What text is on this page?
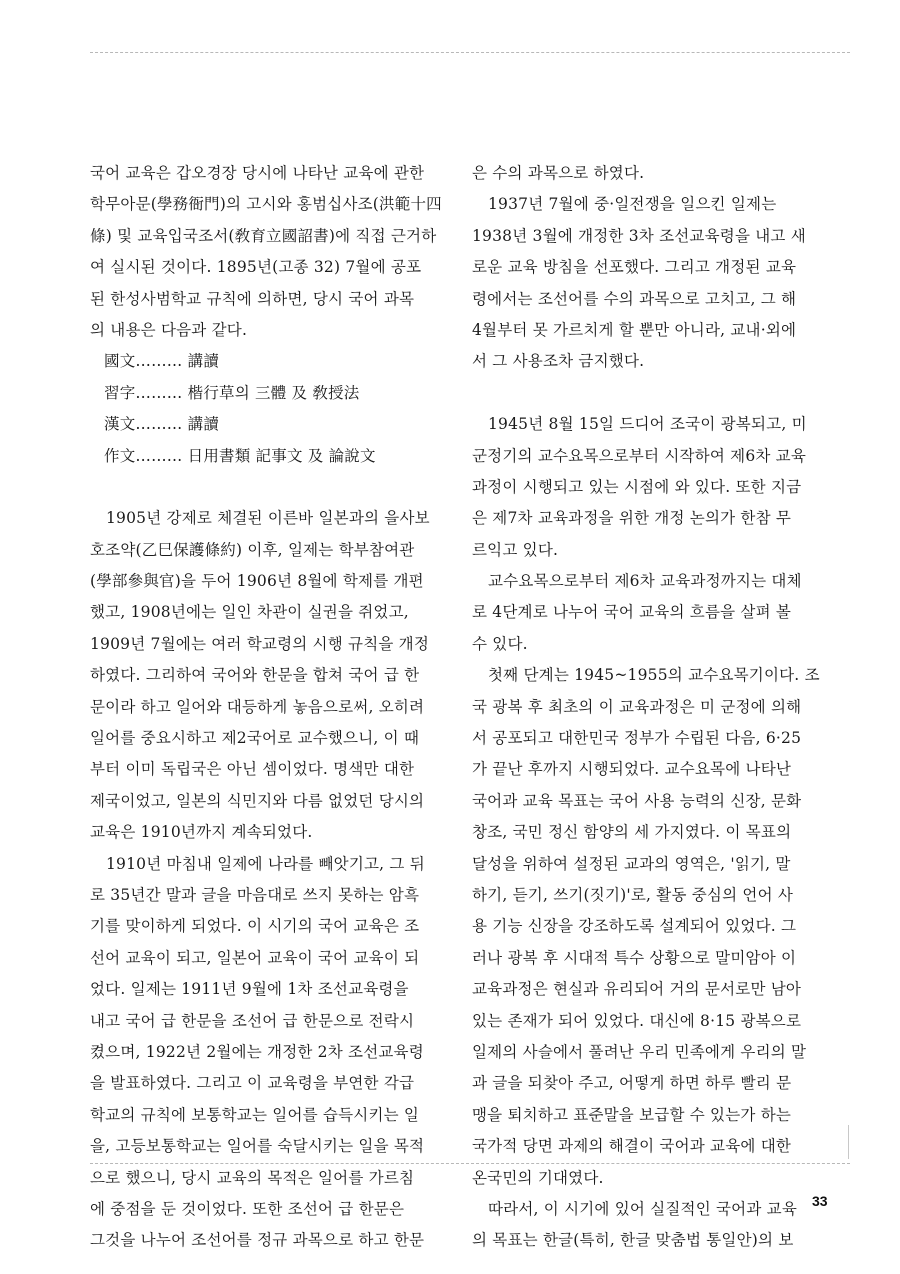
국어 교육은 갑오경장 당시에 나타난 교육에 관한
학무아문(學務衙門)의 고시와 홍범십사조(洪範十四
條) 및 교육입국조서(敎育立國詔書)에 직접 근거하
여 실시된 것이다. 1895년(고종 32) 7월에 공포
된 한성사범학교 규칙에 의하면, 당시 국어 과목
의 내용은 다음과 같다.
國文……… 講讀
習字……… 楷行草의 三體 及 敎授法
漢文……… 講讀
作文……… 日用書類 記事文 及 論說文
1905년 강제로 체결된 이른바 일본과의 을사보
호조약(乙巳保護條約) 이후, 일제는 학부참여관
(學部參與官)을 두어 1906년 8월에 학제를 개편
했고, 1908년에는 일인 차관이 실권을 쥐었고,
1909년 7월에는 여러 학교령의 시행 규칙을 개정
하였다. 그리하여 국어와 한문을 합쳐 국어 급 한
문이라 하고 일어와 대등하게 놓음으로써, 오히려
일어를 중요시하고 제2국어로 교수했으니, 이 때
부터 이미 독립국은 아닌 셈이었다. 명색만 대한
제국이었고, 일본의 식민지와 다름 없었던 당시의
교육은 1910년까지 계속되었다.
1910년 마침내 일제에 나라를 빼앗기고, 그 뒤
로 35년간 말과 글을 마음대로 쓰지 못하는 암흑
기를 맞이하게 되었다. 이 시기의 국어 교육은 조
선어 교육이 되고, 일본어 교육이 국어 교육이 되
었다. 일제는 1911년 9월에 1차 조선교육령을
내고 국어 급 한문을 조선어 급 한문으로 전락시
켰으며, 1922년 2월에는 개정한 2차 조선교육령
을 발표하였다. 그리고 이 교육령을 부연한 각급
학교의 규칙에 보통학교는 일어를 습득시키는 일
을, 고등보통학교는 일어를 숙달시키는 일을 목적
으로 했으니, 당시 교육의 목적은 일어를 가르침
에 중점을 둔 것이었다. 또한 조선어 급 한문은
그것을 나누어 조선어를 정규 과목으로 하고 한문
은 수의 과목으로 하였다.
1937년 7월에 중·일전쟁을 일으킨 일제는
1938년 3월에 개정한 3차 조선교육령을 내고 새
로운 교육 방침을 선포했다. 그리고 개정된 교육
령에서는 조선어를 수의 과목으로 고치고, 그 해
4월부터 못 가르치게 할 뿐만 아니라, 교내·외에
서 그 사용조차 금지했다.
1945년 8월 15일 드디어 조국이 광복되고, 미
군정기의 교수요목으로부터 시작하여 제6차 교육
과정이 시행되고 있는 시점에 와 있다. 또한 지금
은 제7차 교육과정을 위한 개정 논의가 한참 무
르익고 있다.
교수요목으로부터 제6차 교육과정까지는 대체
로 4단계로 나누어 국어 교육의 흐름을 살펴 볼
수 있다.
첫째 단계는 1945~1955의 교수요목기이다. 조
국 광복 후 최초의 이 교육과정은 미 군정에 의해
서 공포되고 대한민국 정부가 수립된 다음, 6·25
가 끝난 후까지 시행되었다. 교수요목에 나타난
국어과 교육 목표는 국어 사용 능력의 신장, 문화
창조, 국민 정신 함양의 세 가지였다. 이 목표의
달성을 위하여 설정된 교과의 영역은, '읽기, 말
하기, 듣기, 쓰기(짓기)'로, 활동 중심의 언어 사
용 기능 신장을 강조하도록 설계되어 있었다. 그
러나 광복 후 시대적 특수 상황으로 말미암아 이
교육과정은 현실과 유리되어 거의 문서로만 남아
있는 존재가 되어 있었다. 대신에 8·15 광복으로
일제의 사슬에서 풀려난 우리 민족에게 우리의 말
과 글을 되찾아 주고, 어떻게 하면 하루 빨리 문
맹을 퇴치하고 표준말을 보급할 수 있는가 하는
국가적 당면 과제의 해결이 국어과 교육에 대한
온국민의 기대였다.
따라서, 이 시기에 있어 실질적인 국어과 교육
의 목표는 한글(특히, 한글 맞춤법 통일안)의 보
33
